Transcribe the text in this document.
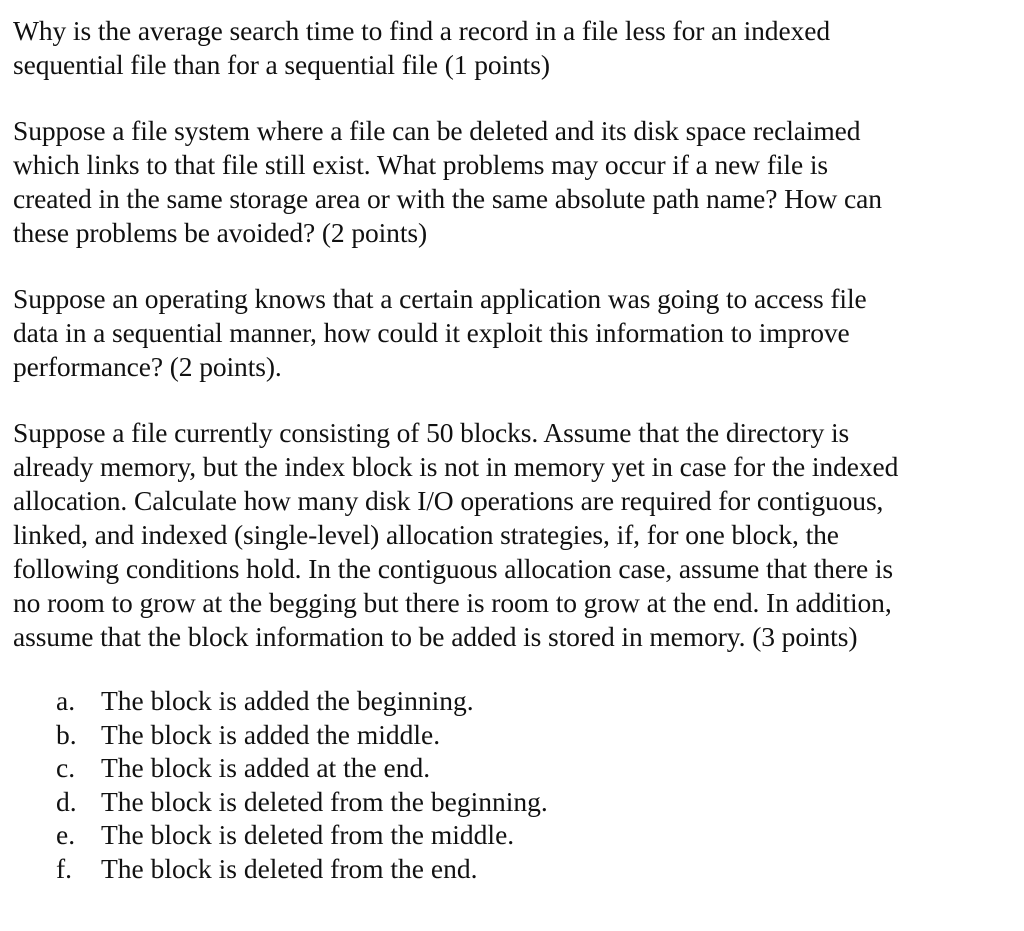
Why is the average search time to find a record in a file less for an indexed
sequential file than for a sequential file (1 points)

Suppose a file system where a file can be deleted and its disk space reclaimed
which links to that file still exist. What problems may occur if a new file is
created in the same storage area or with the same absolute path name? How can
these problems be avoided? (2 points)

Suppose an operating knows that a certain application was going to access file
data in a sequential manner, how could it exploit this information to improve
performance? (2 points).

Suppose a file currently consisting of 50 blocks. Assume that the directory is
already memory, but the index block is not in memory yet in case for the indexed
allocation. Calculate how many disk I/O operations are required for contiguous,
linked, and indexed (single-level) allocation strategies, if, for one block, the
following conditions hold. In the contiguous allocation case, assume that there is
no room to grow at the begging but there is room to grow at the end. In addition,
assume that the block information to be added is stored in memory. (3 points)

a. The block is added the beginning.
b. The block is added the middle.
c. The block is added at the end.
d. The block is deleted from the beginning.
e. The block is deleted from the middle.
f.	The block is deleted from the end.
